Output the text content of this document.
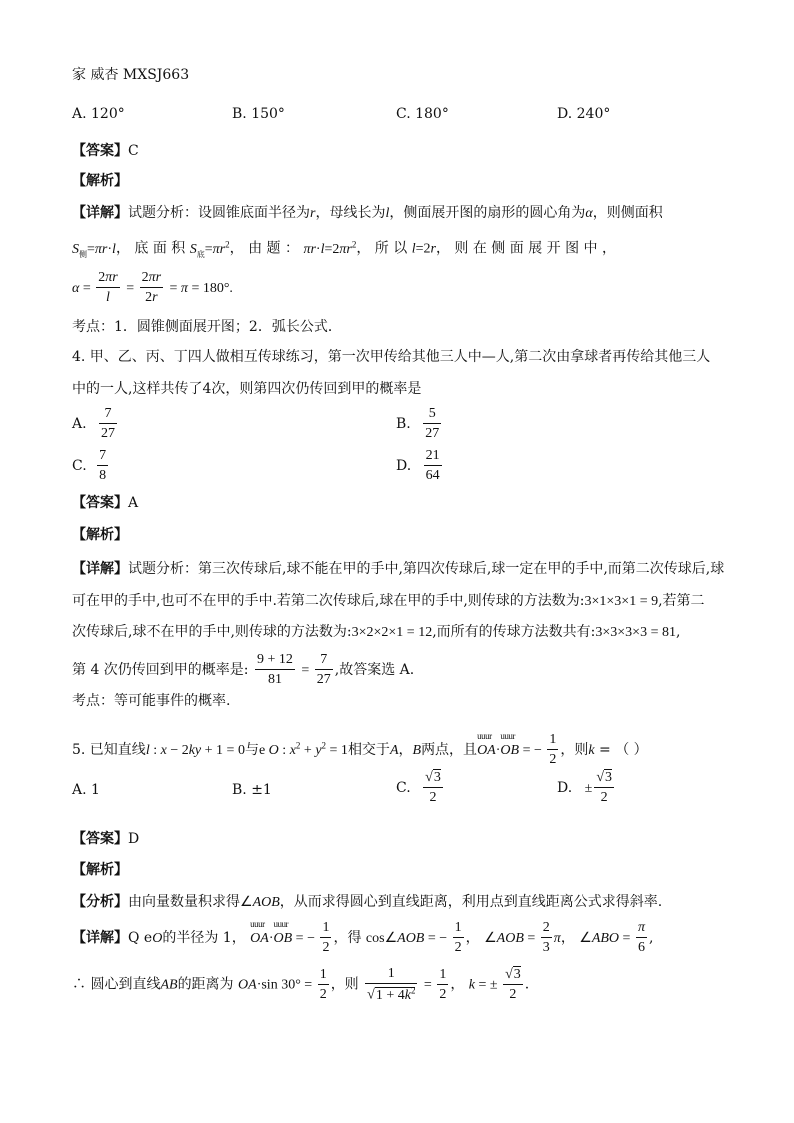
家 威杏 MXSJ663
A. 120°	B. 150°	C. 180°	D. 240°
【答案】C
【解析】
【详解】试题分析：设圆锥底面半径为r，母线长为l，侧面展开图的扇形的圆心角为α，则侧面积
$S_侧=\pi r\cdot l$， 底 面 积 $S_底=\pi r^2$， 由 题 ： $\pi r\cdot l=2\pi r^2$， 所 以 l=2r， 则 在 侧 面 展 开 图 中 ，
$\alpha = \frac{2\pi r}{l} = \frac{2\pi r}{2r} = \pi = 180^\circ$.
考点：1．圆锥侧面展开图；2．弧长公式．
4. 甲、乙、丙、丁四人做相互传球练习，第一次甲传给其他三人中—人,第二次由拿球者再传给其他三人
中的一人,这样共传了4次，则第四次仍传回到甲的概率是
A. $\frac{7}{27}$	B. $\frac{5}{27}$
C. $\frac{7}{8}$	D. $\frac{21}{64}$
【答案】A
【解析】
【详解】试题分析：第三次传球后,球不能在甲的手中,第四次传球后,球一定在甲的手中,而第二次传球后,球
可在甲的手中,也可不在甲的手中.若第二次传球后,球在甲的手中,则传球的方法数为:3×1×3×1 = 9,若第二
次传球后,球不在甲的手中,则传球的方法数为:3×2×2×1 = 12,而所有的传球方法数共有:3×3×3×3 = 81,
第 4 次仍传回到甲的概率是: $\frac{9 + 12}{81} = \frac{7}{27}$ ,故答案选 A.
考点：等可能事件的概率.
5. 已知直线l : x − 2ky + 1 = 0与e O : $x^2 + y^2 = 1$相交于A，B两点，且uuur OA·uuur OB = − $\frac{1}{2}$ ，则k = （ ）
A. 1	B. ±1	C. $\frac{√3}{2}$	D. ± $\frac{√3}{2}$
【答案】D
【解析】
【分析】由向量数量积求得∠AOB，从而求得圆心到直线距离，利用点到直线距离公式求得斜率.
【详解】Q eO的半径为 1， uuur OA·uuur OB = − $\frac{1}{2}$ ，得 cos∠AOB = − $\frac{1}{2}$ ， ∠AOB = $\frac{2}{3}$ π， ∠ABO = $\frac{\pi}{6}$ ,
∴ 圆心到直线AB的距离为 OA·sin $30^\circ = \frac{1}{2}$ ，则 $\frac{1}{√1 + 4k^2} = \frac{1}{2}$ ， k = ± $\frac{√3}{2}$ .
